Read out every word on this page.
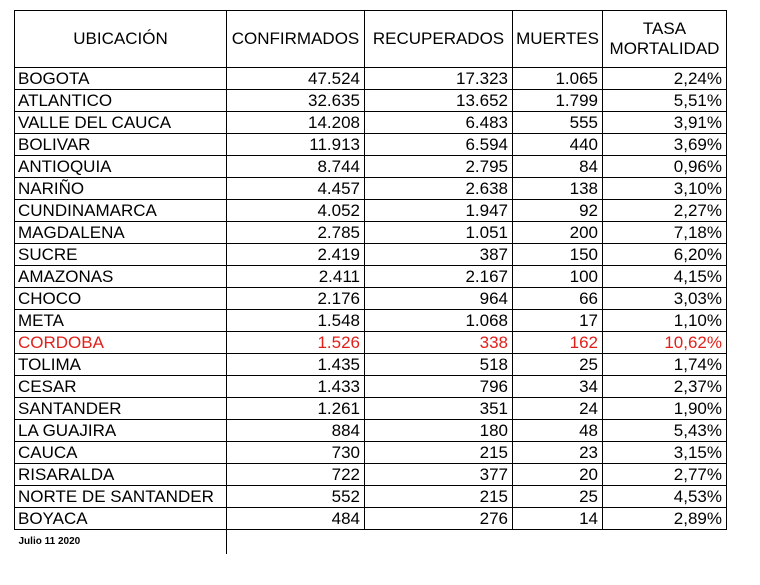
UBICACIÓN	CONFIRMADOS	RECUPERADOS	MUERTES	TASA
MORTALIDAD
BOGOTA	47.524	17.323	1.065	2,24%
ATLANTICO	32.635	13.652	1.799	5,51%
VALLE DEL CAUCA	14.208	6.483	555	3,91%
BOLIVAR	11.913	6.594	440	3,69%
ANTIOQUIA	8.744	2.795	84	0,96%
NARIÑO	4.457	2.638	138	3,10%
CUNDINAMARCA	4.052	1.947	92	2,27%
MAGDALENA	2.785	1.051	200	7,18%
SUCRE	2.419	387	150	6,20%
AMAZONAS	2.411	2.167	100	4,15%
CHOCO	2.176	964	66	3,03%
META	1.548	1.068	17	1,10%
CORDOBA	1.526	338	162	10,62%
TOLIMA	1.435	518	25	1,74%
CESAR	1.433	796	34	2,37%
SANTANDER	1.261	351	24	1,90%
LA GUAJIRA	884	180	48	5,43%
CAUCA	730	215	23	3,15%
RISARALDA	722	377	20	2,77%
NORTE DE SANTANDER	552	215	25	4,53%
BOYACA	484	276	14	2,89%
Julio 11 2020				
